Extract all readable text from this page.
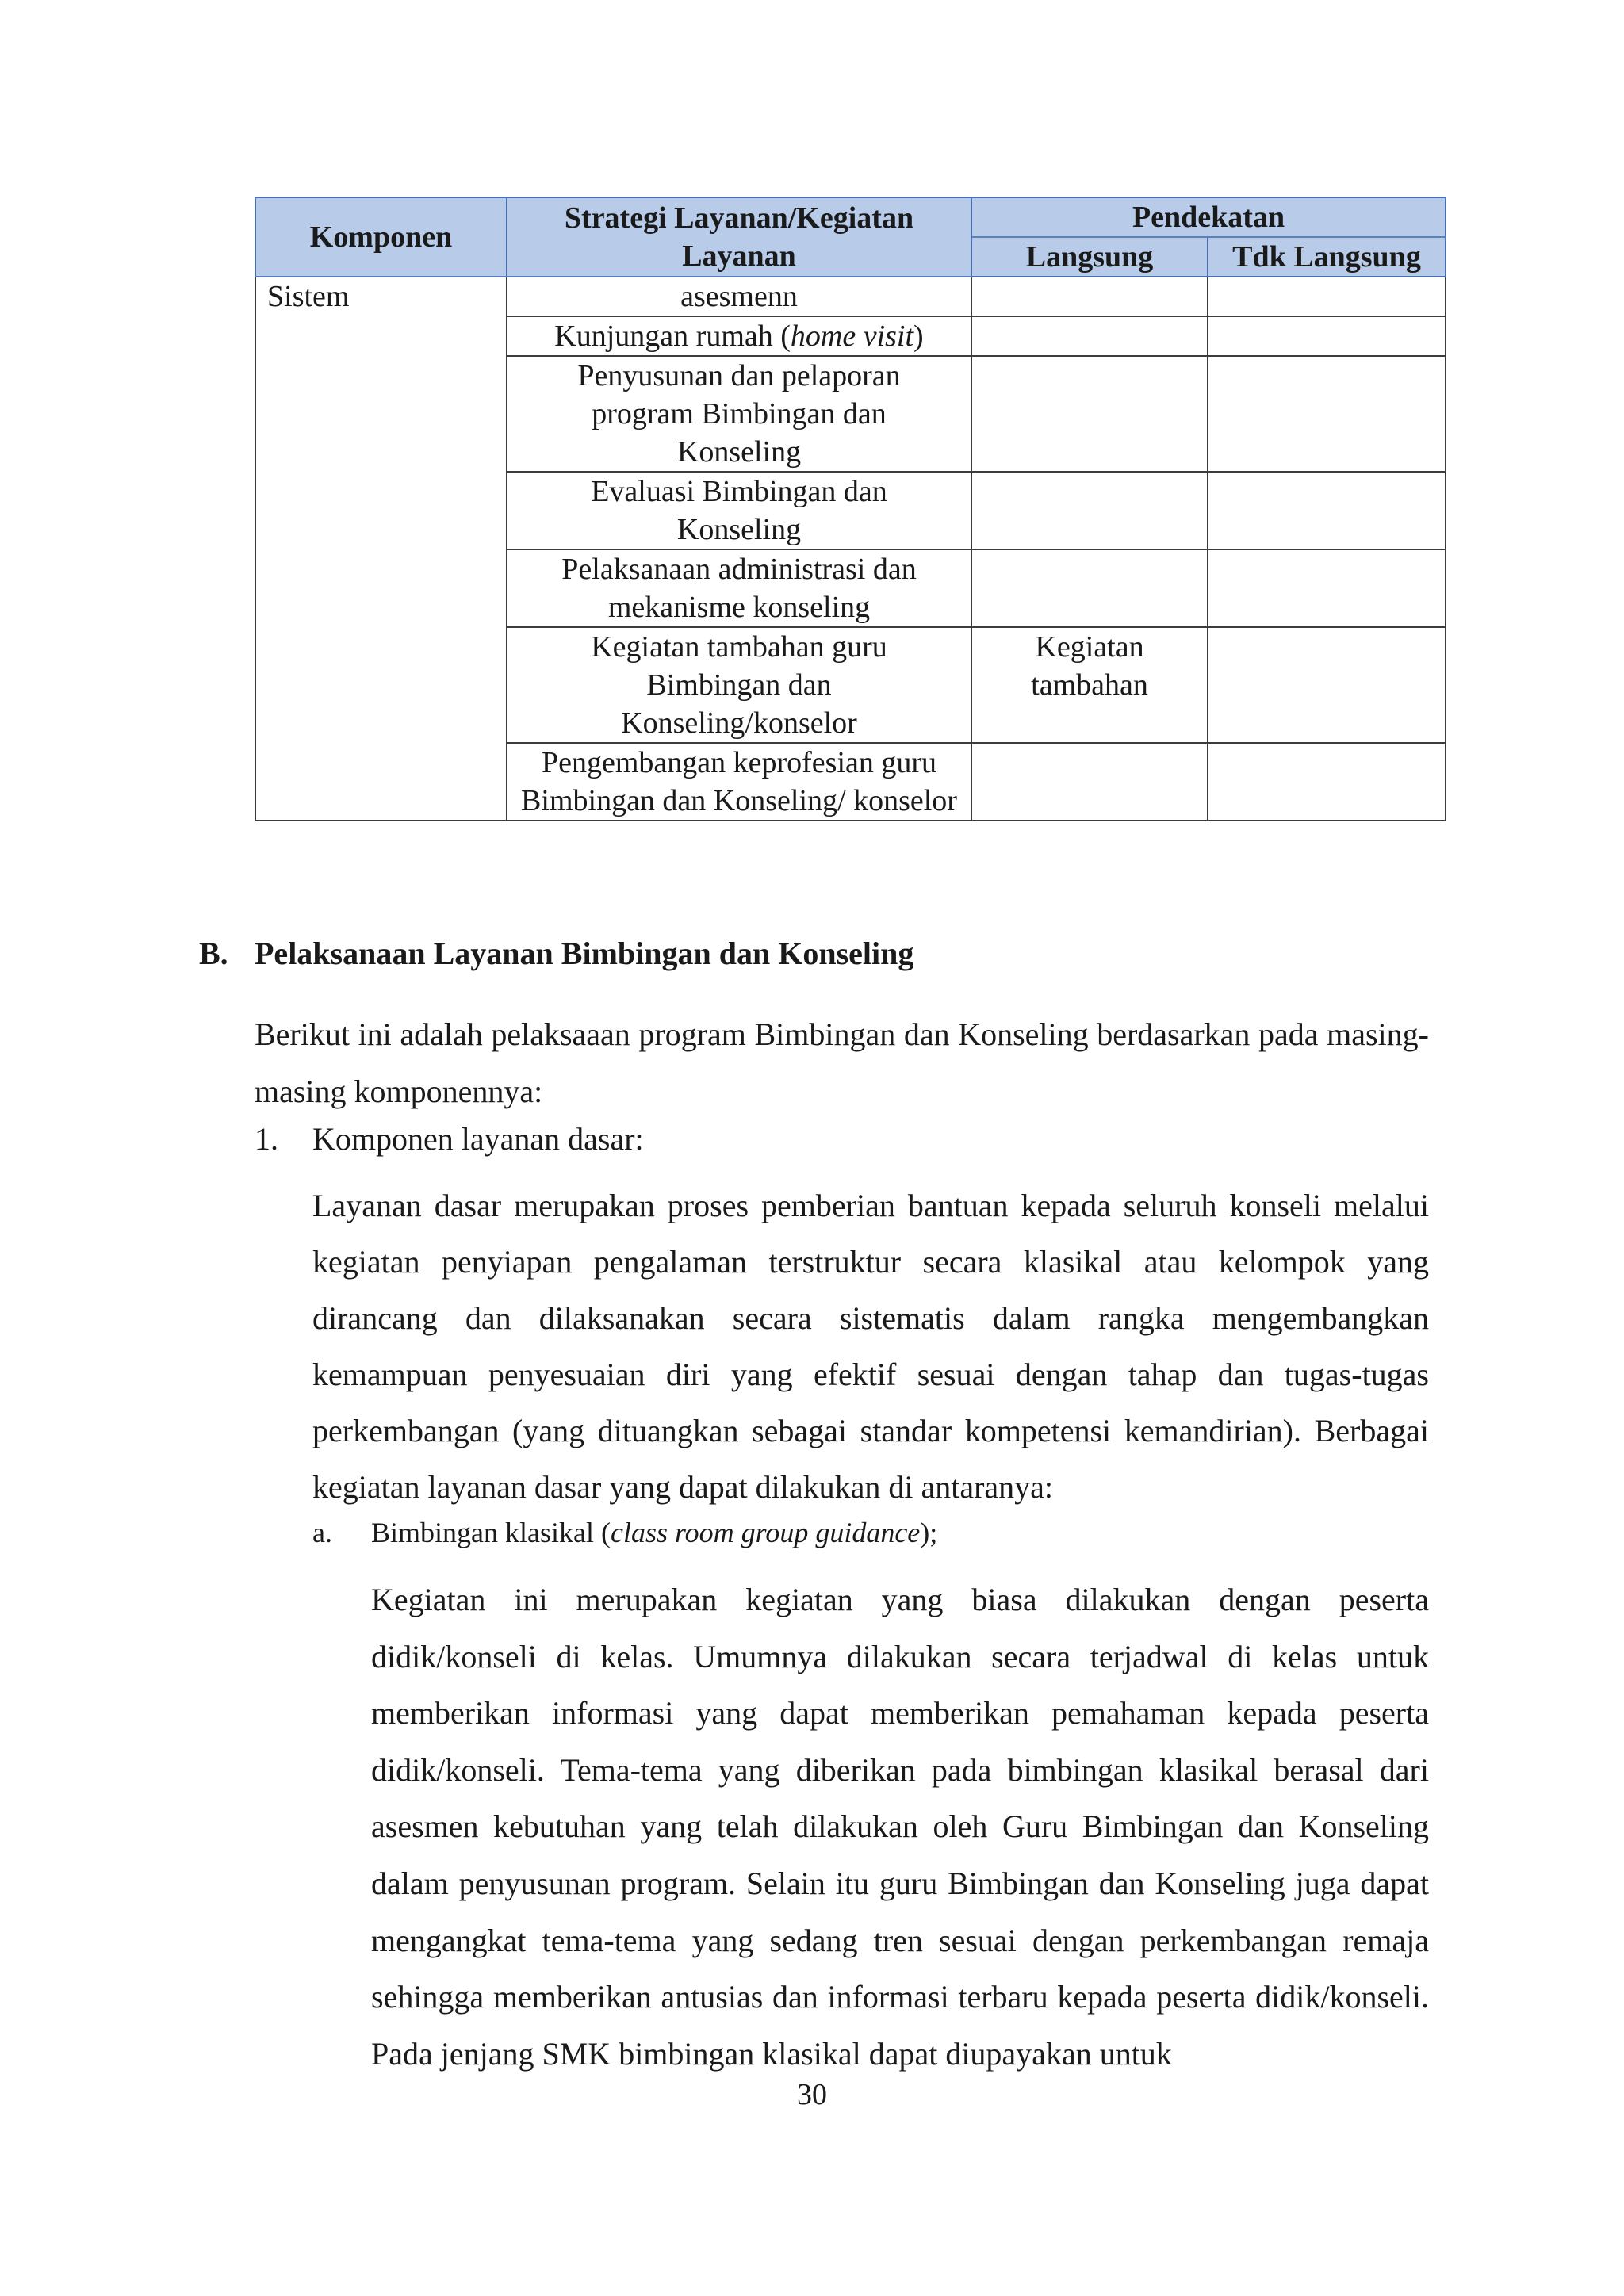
Komponen	Strategi Layanan/Kegiatan Layanan	Pendekatan	
		Langsung	Tdk Langsung
Sistem	asesmenn		
	Kunjungan rumah (home visit)		
	Penyusunan dan pelaporan program Bimbingan dan Konseling		
	Evaluasi Bimbingan dan Konseling		
	Pelaksanaan administrasi dan mekanisme konseling		
	Kegiatan tambahan guru Bimbingan dan Konseling/konselor	Kegiatan tambahan	
	Pengembangan keprofesian guru Bimbingan dan Konseling/ konselor		
B. Pelaksanaan Layanan Bimbingan dan Konseling
Berikut ini adalah pelaksaaan program Bimbingan dan Konseling berdasarkan pada masing-masing komponennya:
1. Komponen layanan dasar:
Layanan dasar merupakan proses pemberian bantuan kepada seluruh konseli melalui kegiatan penyiapan pengalaman terstruktur secara klasikal atau kelompok yang dirancang dan dilaksanakan secara sistematis dalam rangka mengembangkan kemampuan penyesuaian diri yang efektif sesuai dengan tahap dan tugas-tugas perkembangan (yang dituangkan sebagai standar kompetensi kemandirian). Berbagai kegiatan layanan dasar yang dapat dilakukan di antaranya:
a. Bimbingan klasikal (class room group guidance);
Kegiatan ini merupakan kegiatan yang biasa dilakukan dengan peserta didik/konseli di kelas. Umumnya dilakukan secara terjadwal di kelas untuk memberikan informasi yang dapat memberikan pemahaman kepada peserta didik/konseli. Tema-tema yang diberikan pada bimbingan klasikal berasal dari asesmen kebutuhan yang telah dilakukan oleh Guru Bimbingan dan Konseling dalam penyusunan program. Selain itu guru Bimbingan dan Konseling juga dapat mengangkat tema-tema yang sedang tren sesuai dengan perkembangan remaja sehingga memberikan antusias dan informasi terbaru kepada peserta didik/konseli. Pada jenjang SMK bimbingan klasikal dapat diupayakan untuk
30
